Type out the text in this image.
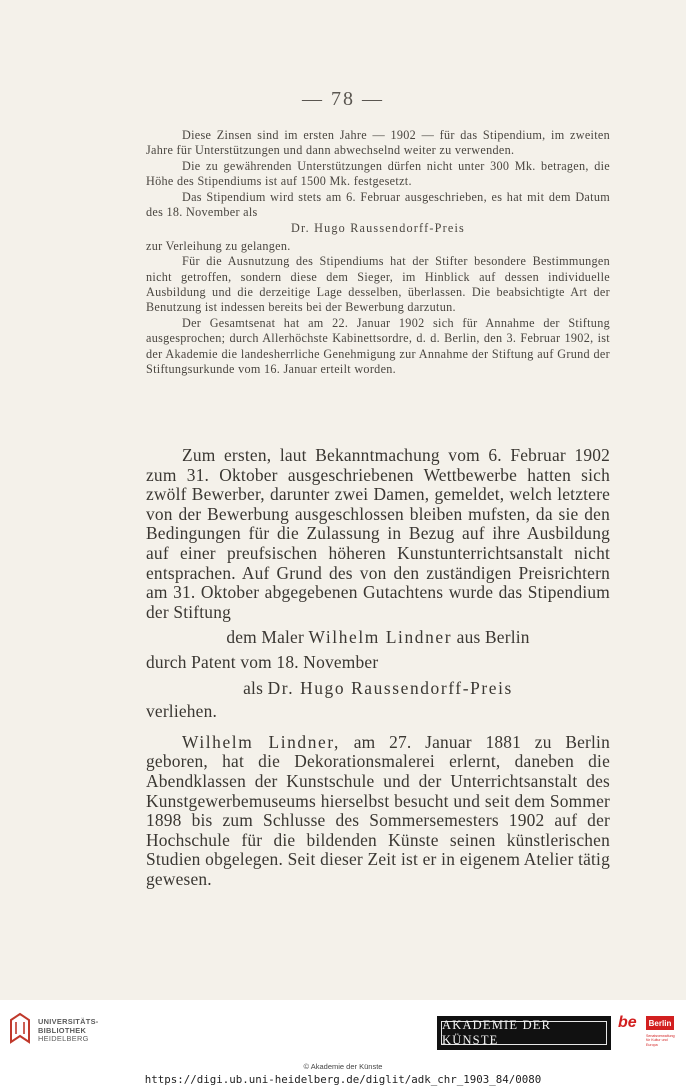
— 78 —

Diese Zinsen sind im ersten Jahre — 1902 — für das Stipendium, im zweiten Jahre für Unterstützungen und dann abwechselnd weiter zu verwenden.

Die zu gewährenden Unterstützungen dürfen nicht unter 300 Mk. betragen, die Höhe des Stipendiums ist auf 1500 Mk. festgesetzt.

Das Stipendium wird stets am 6. Februar ausgeschrieben, es hat mit dem Datum des 18. November als

Dr. Hugo Raussendorff-Preis

zur Verleihung zu gelangen.

Für die Ausnutzung des Stipendiums hat der Stifter besondere Bestimmungen nicht getroffen, sondern diese dem Sieger, im Hinblick auf dessen individuelle Ausbildung und die derzeitige Lage desselben, überlassen. Die beabsichtigte Art der Benutzung ist indessen bereits bei der Bewerbung darzutun.

Der Gesamtsenat hat am 22. Januar 1902 sich für Annahme der Stiftung ausgesprochen; durch Allerhöchste Kabinettsordre, d. d. Berlin, den 3. Februar 1902, ist der Akademie die landesherrliche Genehmigung zur Annahme der Stiftung auf Grund der Stiftungsurkunde vom 16. Januar erteilt worden.

Zum ersten, laut Bekanntmachung vom 6. Februar 1902 zum 31. Oktober ausgeschriebenen Wettbewerbe hatten sich zwölf Bewerber, darunter zwei Damen, gemeldet, welch letztere von der Bewerbung ausgeschlossen bleiben mufsten, da sie den Bedingungen für die Zulassung in Bezug auf ihre Ausbildung auf einer preufsischen höheren Kunstunterrichtsanstalt nicht entsprachen. Auf Grund des von den zuständigen Preisrichtern am 31. Oktober abgegebenen Gutachtens wurde das Stipendium der Stiftung

dem Maler Wilhelm Lindner aus Berlin

durch Patent vom 18. November

als Dr. Hugo Raussendorff-Preis

verliehen.

Wilhelm Lindner, am 27. Januar 1881 zu Berlin geboren, hat die Dekorationsmalerei erlernt, daneben die Abendklassen der Kunstschule und der Unterrichtsanstalt des Kunstgewerbemuseums hierselbst besucht und seit dem Sommer 1898 bis zum Schlusse des Sommersemesters 1902 auf der Hochschule für die bildenden Künste seinen künstlerischen Studien obgelegen. Seit dieser Zeit ist er in eigenem Atelier tätig gewesen.

UNIVERSITÄTS-
BIBLIOTHEK
HEIDELBERG
AKADEMIE DER KÜNSTE
be	Berlin
Senatsverwaltung für Kultur und Europa
© Akademie der Künste
https://digi.ub.uni-heidelberg.de/diglit/adk_chr_1903_84/0080
